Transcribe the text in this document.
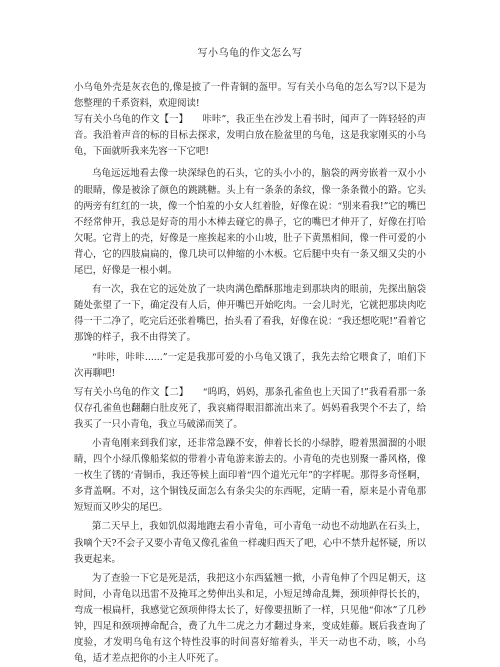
写小乌龟的作文怎么写

小乌龟外壳是灰衣色的,像是披了一件青铜的盔甲。写有关小乌龟的怎么写?以下是为您整理的千系资料，欢迎阅读!

写有关小乌龟的作文【一】　　咔咔”，我正坐在沙发上看书时，闻声了一阵轻轻的声音。我沿着声音的标的目标去探求，发明白放在脸盆里的乌龟，这是我家刚买的小乌龟，下面就听我来先容一下它吧!

乌龟远远地看去像一块深绿色的石头，它的头小小的，脑袋的两旁嵌着一双小小的眼睛，像是被涂了颜色的跳跳糖。头上有一条条的条纹，像一条条微小的路。它头的两旁有红红的一块，像一个怕羞的小女人红着脸，好像在说：“别来看我!”它的嘴巴不经常伸开，我总是好奇的用小木棒去碰它的鼻子，它的嘴巴才伸开了，好像在打哈欠呢。它背上的壳，好像是一座挨起来的小山坡，肚子下黄黑相间，像一件可爱的小背心，它的四肢扁扁的，像几块可以伸缩的小木板。它后腿中央有一条又细又尖的小尾巴，好像是一根小刺。

有一次，我在它的远处放了一块肉满色酷酥那地走到那块肉的眼前，先探出脑袋随处张望了一下，确定没有人后，伸开嘴巴开始吃肉。一会儿时光，它就把那块肉吃得一干二净了，吃完后还张着嘴巴，抬头看了看我，好像在说：“我还想吃呢!”看着它那馋的样子，我不由得笑了。

“咔咔，咔咔......”一定是我那可爱的小乌龟又饿了，我先去给它喂食了，咱们下次再聊吧!

写有关小乌龟的作文【二】　　“呜呜，妈妈，那条孔雀鱼也上天国了!”我看看那一条仅存孔雀鱼也翻翻白肚皮死了，我哀痛得眼泪都流出来了。妈妈看我哭个不去了，给我买了一只小青龟，我立马破涕而笑了。

小青龟刚来到我们家，还非常急躁不安，伸着长长的小绿脖，瞪着黑溜溜的小眼睛，四个小绿爪像船桨似的带着小青龟游来游去的。小青龟的壳也别聚一番风格，像一枚生了锈的‘青铜币，我还等候上面印着“四个道光元年”的字样呢。那得多奇怪啊，多背盖啊。不对，这个铜钱反面怎么有条尖尖的东西呢，定睛一看，原来是小青龟那短短而又吵尖的尾巴。

第二天早上，我如饥似渴地跑去看小青龟，可小青龟一动也不动地趴在石头上，我嘀个天?不会子又要小青龟又像孔雀鱼一样魂归西天了吧，心中不禁升起怀疑，所以我更起来。

为了查验一下它是死是活，我把这小东西猛翘一掀，小青龟伸了个四足朝天，这时间，小青龟以迅雷不及掩耳之势伸出头和足，小短足缚命乱舞，颈项伸得长长的，弯成一根扁杆，我感觉它颈项伸得太长了，好像要扭断了一样，只见他“仰冰”了几秒钟，四足和颈项搏命配合，费了九牛二虎之力才翻过身来，变成娃藤。厩后我查询了度验，才发明乌龟有这个特性没事的时间喜好缩着头，半天一动也不动，咳，小乌龟，适才差点把你的小主人吓死了。
